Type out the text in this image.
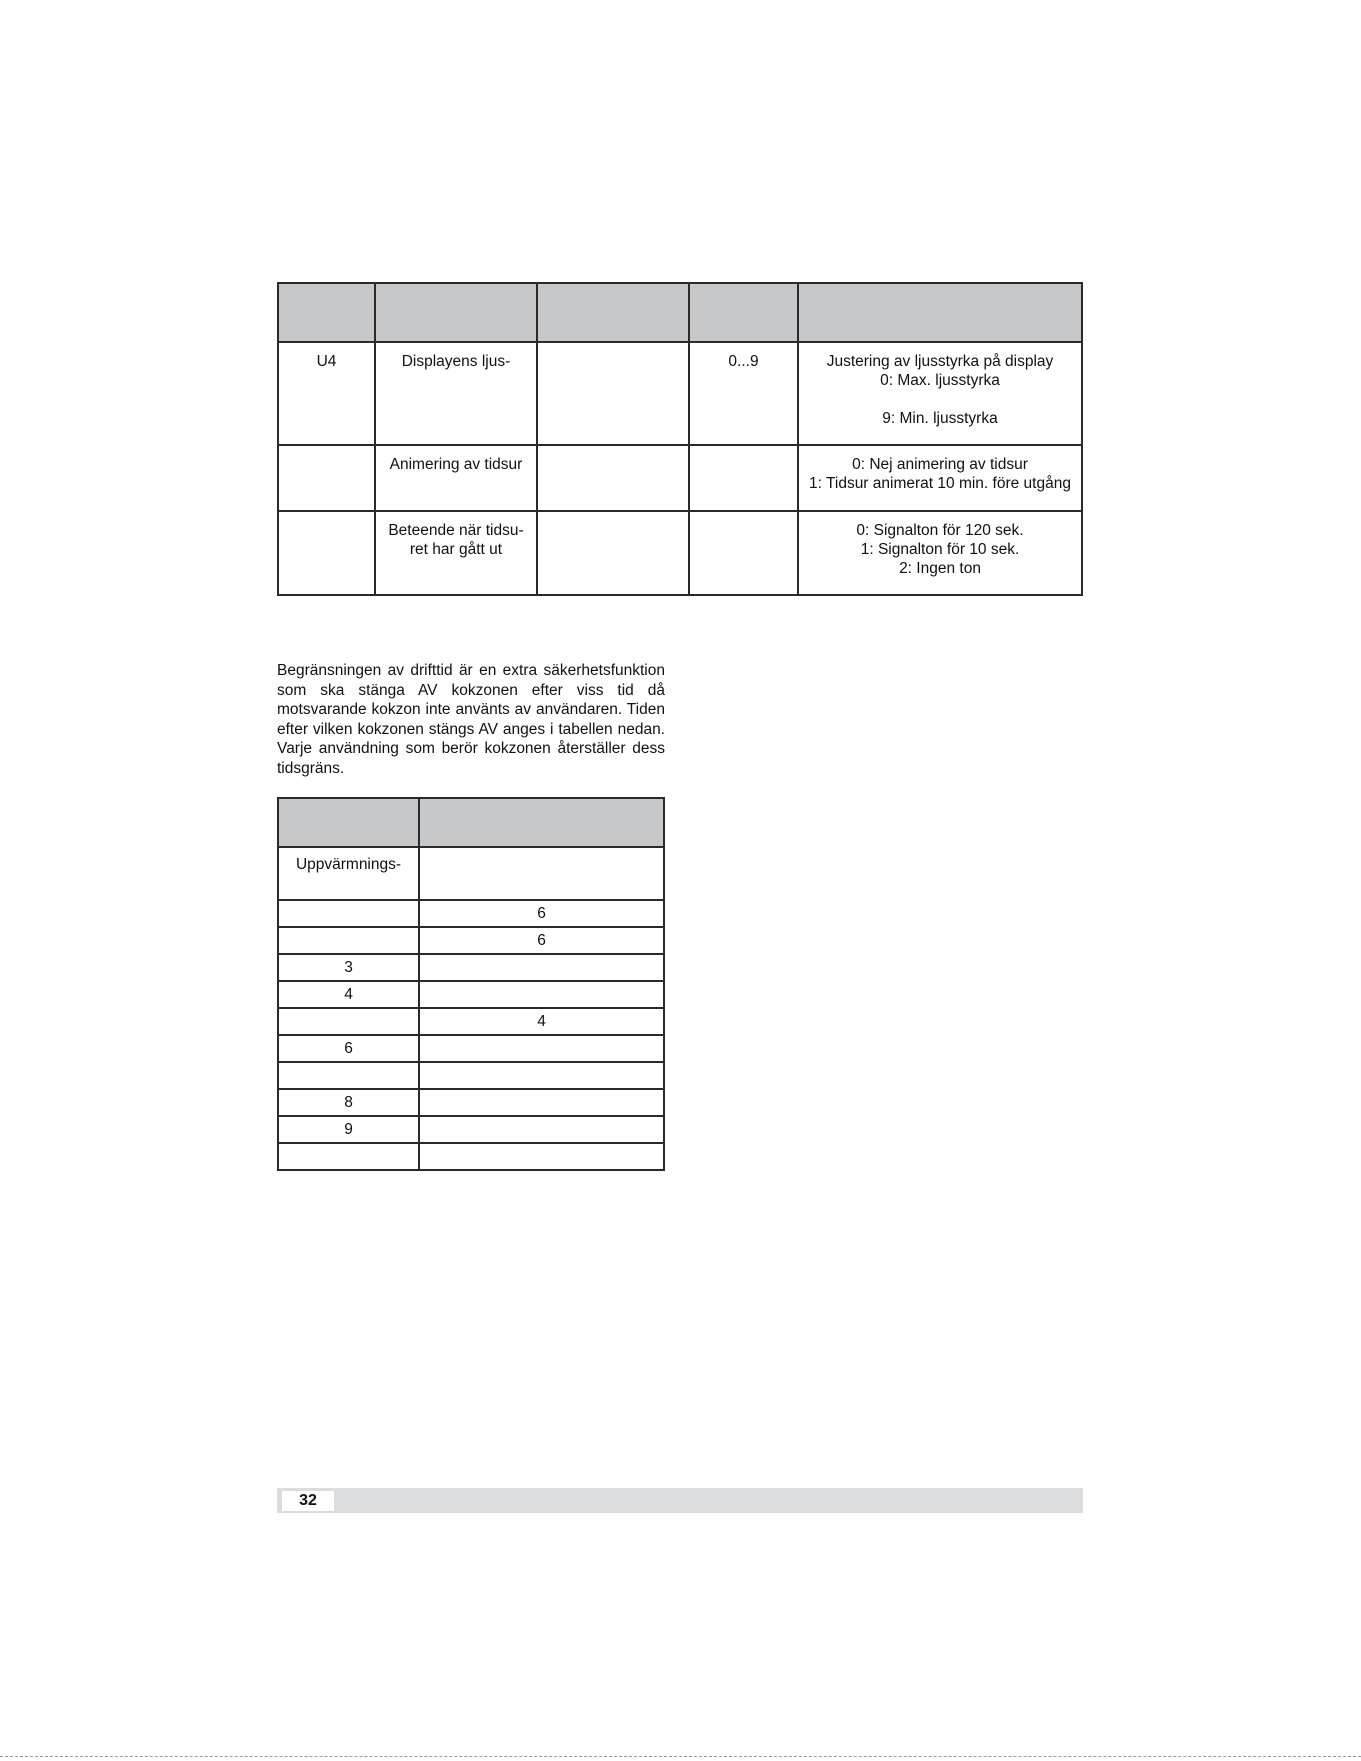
U4	Displayens ljus-		0...9	Justering av ljusstyrka på display
0: Max. ljusstyrka
9: Min. ljusstyrka

	Animering av tidsur			0: Nej animering av tidsur
1: Tidsur animerat 10 min. före utgång

	Beteende när tidsu-
ret har gått ut			0: Signalton för 120 sek.
1: Signalton för 10 sek.
2: Ingen ton

Begränsningen av drifttid är en extra säkerhetsfunktion som ska stänga AV kokzonen efter viss tid då motsvarande kokzon inte använts av användaren. Tiden efter vilken kokzonen stängs AV anges i tabellen nedan. Varje användning som berör kokzonen återställer dess tidsgräns.

Uppvärmnings-	
	6
	6
3	
4	
	4
6	

8	
9	

32
